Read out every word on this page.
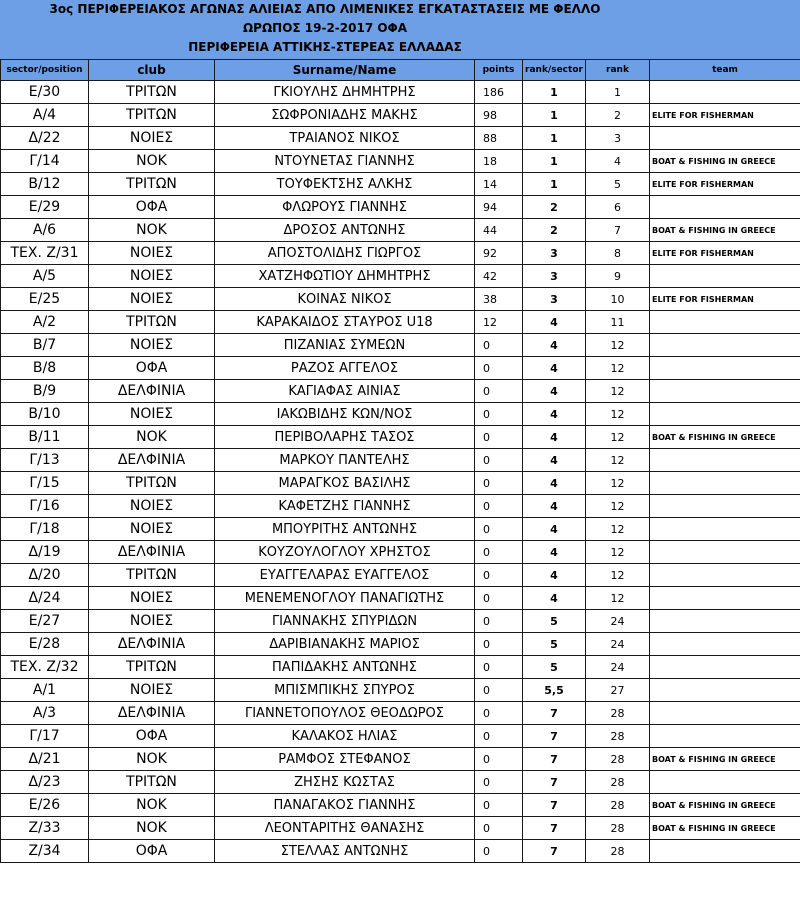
3ος ΠΕΡΙΦΕΡΕΙΑΚΟΣ ΑΓΩΝΑΣ ΑΛΙΕΙΑΣ ΑΠΟ ΛΙΜΕΝΙΚΕΣ ΕΓΚΑΤΑΣΤΑΣΕΙΣ ΜΕ ΦΕΛΛΟ
ΩΡΩΠΟΣ 19-2-2017 ΟΦΑ
ΠΕΡΙΦΕΡΕΙΑ ΑΤΤΙΚΗΣ-ΣΤΕΡΕΑΣ ΕΛΛΑΔΑΣ
sector/position	club	Surname/Name	points	rank/sector	rank	team
Ε/30	ΤΡΙΤΩΝ	ΓΚΙΟΥΛΗΣ ΔΗΜΗΤΡΗΣ	186	1	1	
Α/4	ΤΡΙΤΩΝ	ΣΩΦΡΟΝΙΑΔΗΣ ΜΑΚΗΣ	98	1	2	ELITE FOR FISHERMAN
Δ/22	ΝΟΙΕΣ	ΤΡΑΙΑΝΟΣ ΝΙΚΟΣ	88	1	3	
Γ/14	ΝΟΚ	ΝΤΟΥΝΕΤΑΣ ΓΙΑΝΝΗΣ	18	1	4	BOAT & FISHING IN GREECE
Β/12	ΤΡΙΤΩΝ	ΤΟΥΦΕΚΤΣΗΣ ΑΛΚΗΣ	14	1	5	ELITE FOR FISHERMAN
Ε/29	ΟΦΑ	ΦΛΩΡΟΥΣ ΓΙΑΝΝΗΣ	94	2	6	
Α/6	ΝΟΚ	ΔΡΟΣΟΣ ΑΝΤΩΝΗΣ	44	2	7	BOAT & FISHING IN GREECE
ΤΕΧ. Ζ/31	ΝΟΙΕΣ	ΑΠΟΣΤΟΛΙΔΗΣ ΓΙΩΡΓΟΣ	92	3	8	ELITE FOR FISHERMAN
Α/5	ΝΟΙΕΣ	ΧΑΤΖΗΦΩΤΙΟΥ ΔΗΜΗΤΡΗΣ	42	3	9	
Ε/25	ΝΟΙΕΣ	ΚΟΙΝΑΣ ΝΙΚΟΣ	38	3	10	ELITE FOR FISHERMAN
Α/2	ΤΡΙΤΩΝ	ΚΑΡΑΚΑΙΔΟΣ ΣΤΑΥΡΟΣ U18	12	4	11	
Β/7	ΝΟΙΕΣ	ΠΙΖΑΝΙΑΣ ΣΥΜΕΩΝ	0	4	12	
Β/8	ΟΦΑ	ΡΑΖΟΣ ΑΓΓΕΛΟΣ	0	4	12	
Β/9	ΔΕΛΦΙΝΙΑ	ΚΑΓΙΑΦΑΣ ΑΙΝΙΑΣ	0	4	12	
Β/10	ΝΟΙΕΣ	ΙΑΚΩΒΙΔΗΣ ΚΩΝ/ΝΟΣ	0	4	12	
Β/11	ΝΟΚ	ΠΕΡΙΒΟΛΑΡΗΣ ΤΑΣΟΣ	0	4	12	BOAT & FISHING IN GREECE
Γ/13	ΔΕΛΦΙΝΙΑ	ΜΑΡΚΟΥ ΠΑΝΤΕΛΗΣ	0	4	12	
Γ/15	ΤΡΙΤΩΝ	ΜΑΡΑΓΚΟΣ ΒΑΣΙΛΗΣ	0	4	12	
Γ/16	ΝΟΙΕΣ	ΚΑΦΕΤΖΗΣ ΓΙΑΝΝΗΣ	0	4	12	
Γ/18	ΝΟΙΕΣ	ΜΠΟΥΡΙΤΗΣ ΑΝΤΩΝΗΣ	0	4	12	
Δ/19	ΔΕΛΦΙΝΙΑ	ΚΟΥΖΟΥΛΟΓΛΟΥ ΧΡΗΣΤΟΣ	0	4	12	
Δ/20	ΤΡΙΤΩΝ	ΕΥΑΓΓΕΛΑΡΑΣ ΕΥΑΓΓΕΛΟΣ	0	4	12	
Δ/24	ΝΟΙΕΣ	ΜΕΝΕΜΕΝΟΓΛΟΥ ΠΑΝΑΓΙΩΤΗΣ	0	4	12	
Ε/27	ΝΟΙΕΣ	ΓΙΑΝΝΑΚΗΣ ΣΠΥΡΙΔΩΝ	0	5	24	
Ε/28	ΔΕΛΦΙΝΙΑ	ΔΑΡΙΒΙΑΝΑΚΗΣ ΜΑΡΙΟΣ	0	5	24	
ΤΕΧ. Ζ/32	ΤΡΙΤΩΝ	ΠΑΠΙΔΑΚΗΣ ΑΝΤΩΝΗΣ	0	5	24	
Α/1	ΝΟΙΕΣ	ΜΠΙΣΜΠΙΚΗΣ ΣΠΥΡΟΣ	0	5,5	27	
Α/3	ΔΕΛΦΙΝΙΑ	ΓΙΑΝΝΕΤΟΠΟΥΛΟΣ ΘΕΟΔΩΡΟΣ	0	7	28	
Γ/17	ΟΦΑ	ΚΑΛΑΚΟΣ ΗΛΙΑΣ	0	7	28	
Δ/21	ΝΟΚ	ΡΑΜΦΟΣ ΣΤΕΦΑΝΟΣ	0	7	28	BOAT & FISHING IN GREECE
Δ/23	ΤΡΙΤΩΝ	ΖΗΣΗΣ ΚΩΣΤΑΣ	0	7	28	
Ε/26	ΝΟΚ	ΠΑΝΑΓΑΚΟΣ ΓΙΑΝΝΗΣ	0	7	28	BOAT & FISHING IN GREECE
Ζ/33	ΝΟΚ	ΛΕΟΝΤΑΡΙΤΗΣ ΘΑΝΑΣΗΣ	0	7	28	BOAT & FISHING IN GREECE
Ζ/34	ΟΦΑ	ΣΤΕΛΛΑΣ ΑΝΤΩΝΗΣ	0	7	28	
